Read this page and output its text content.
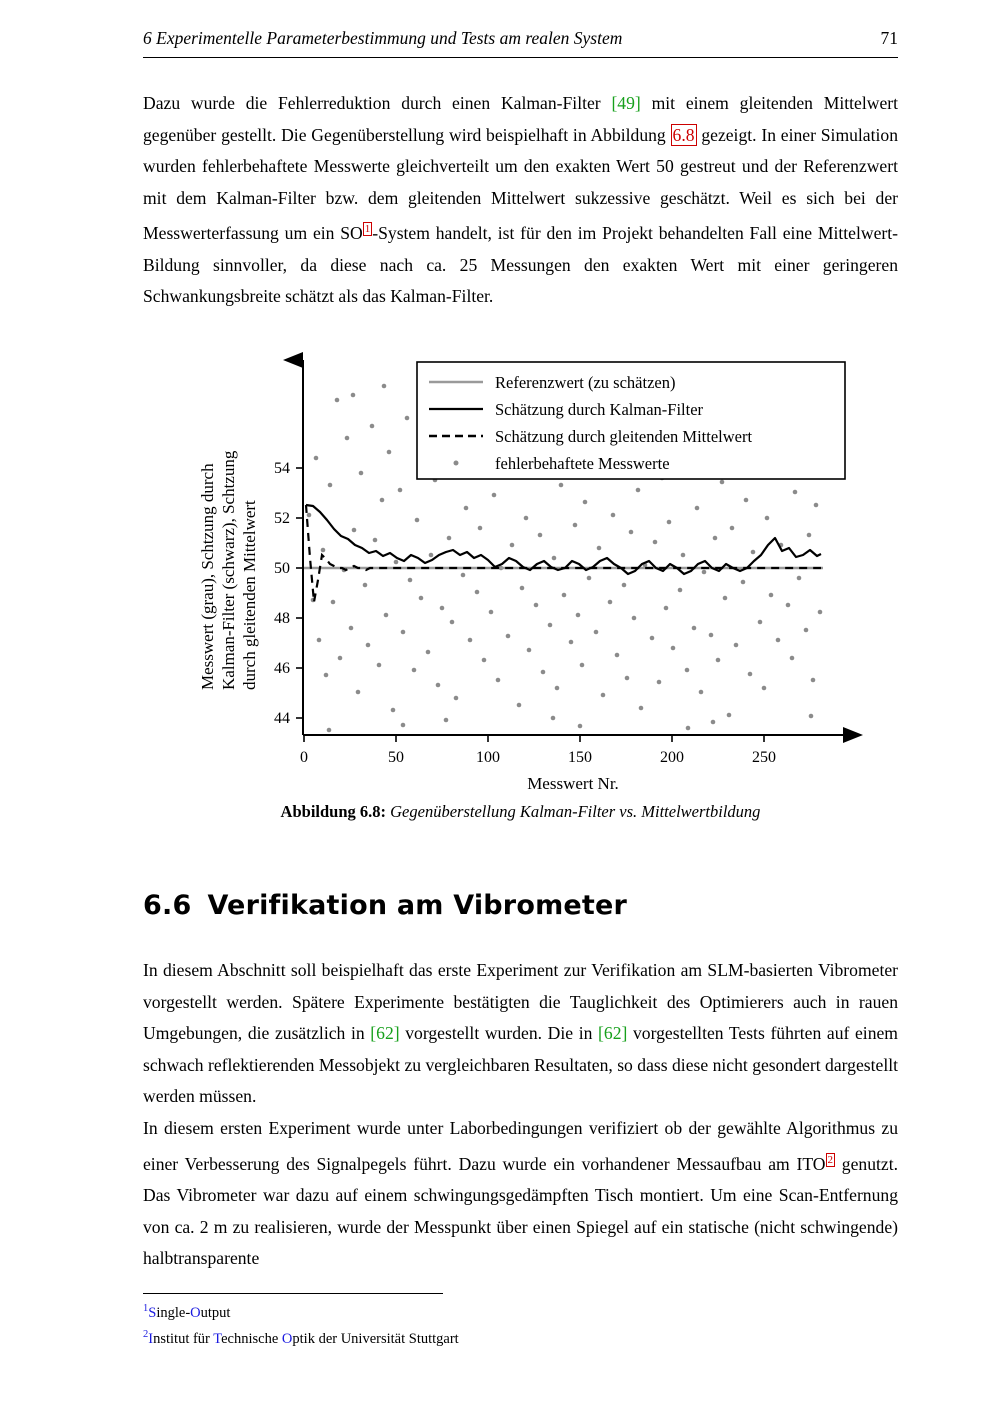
6 Experimentelle Parameterbestimmung und Tests am realen System	71

Dazu wurde die Fehlerreduktion durch einen Kalman-Filter [49] mit einem gleitenden Mittelwert gegenüber gestellt. Die Gegenüberstellung wird beispielhaft in Abbildung 6.8 gezeigt. In einer Simulation wurden fehlerbehaftete Messwerte gleichverteilt um den exakten Wert 50 gestreut und der Referenzwert mit dem Kalman-Filter bzw. dem gleitenden Mittelwert sukzessive geschätzt. Weil es sich bei der Messwerterfassung um ein SO $^1$ -System handelt, ist für den im Projekt behandelten Fall eine Mittelwert-Bildung sinnvoller, da diese nach ca. 25 Messungen den exakten Wert mit einer geringeren Schwankungsbreite schätzt als das Kalman-Filter.

44
46
48
50
52
54
0	50	100	150	200	250
Messwert Nr.
Messwert (grau), Schtzung durch Kalman-Filter (schwarz), Schtzung durch gleitenden Mittelwert
Referenzwert (zu schätzen)
Schätzung durch Kalman-Filter
Schätzung durch gleitenden Mittelwert
fehlerbehaftete Messwerte
Abbildung 6.8: Gegenüberstellung Kalman-Filter vs. Mittelwertbildung
6.6 Verifikation am Vibrometer

In diesem Abschnitt soll beispielhaft das erste Experiment zur Verifikation am SLM-basierten Vibrometer vorgestellt werden. Spätere Experimente bestätigten die Tauglichkeit des Optimierers auch in rauen Umgebungen, die zusätzlich in [62] vorgestellt wurden. Die in [62] vorgestellten Tests führten auf einem schwach reflektierenden Messobjekt zu vergleichbaren Resultaten, so dass diese nicht gesondert dargestellt werden müssen.

In diesem ersten Experiment wurde unter Laborbedingungen verifiziert ob der gewählte Algorithmus zu einer Verbesserung des Signalpegels führt. Dazu wurde ein vorhandener Messaufbau am ITO $^2$ genutzt. Das Vibrometer war dazu auf einem schwingungsgedämpften Tisch montiert. Um eine Scan-Entfernung von ca. 2 m zu realisieren, wurde der Messpunkt über einen Spiegel auf ein statische (nicht schwingende) halbtransparente

$^1$Single-Output
$^2$Institut für Technische Optik der Universität Stuttgart
